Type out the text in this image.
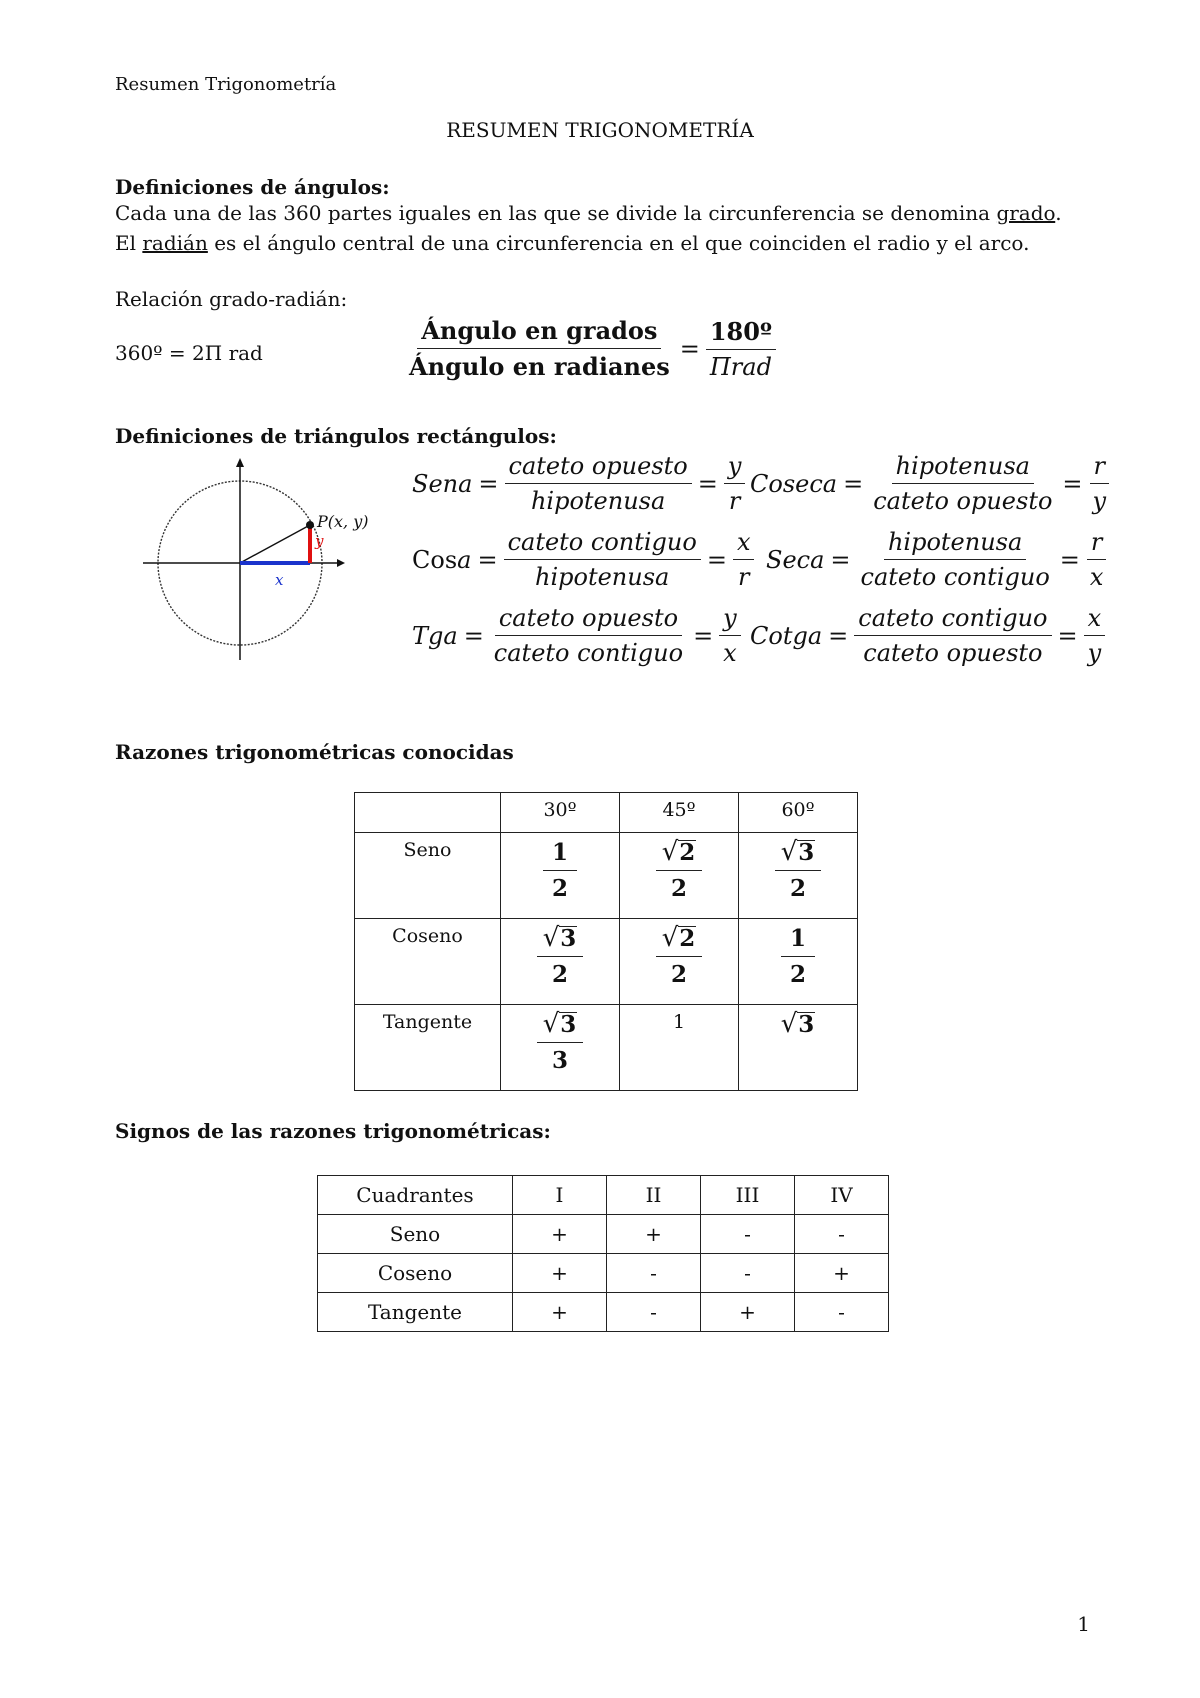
Resumen Trigonometría
RESUMEN TRIGONOMETRÍA
Definiciones de ángulos:
Cada una de las 360 partes iguales en las que se divide la circunferencia se denomina grado.
El radián es el ángulo central de una circunferencia en el que coinciden el radio y el arco.
Relación grado-radián:
360º = 2Π rad	$\frac{\text{Ángulo en grados}}{\text{Ángulo en radianes}} = \frac{\text{180º}}{\text{Πrad}}$
Definiciones de triángulos rectángulos:
P(x, y)
y
x
Sena = $\frac{\text{cateto opuesto}}{\text{hipotenusa}} = \frac{y}{r}$ $Coseca = \frac{\text{hipotenusa}}{\text{cateto opuesto}} = \frac{r}{y}$
Cosa = $\frac{\text{cateto contiguo}}{\text{hipotenusa}} = \frac{x}{r}$ Seca = $\frac{\text{hipotenusa}}{\text{cateto contiguo}} = \frac{r}{x}$
Tga = $\frac{\text{cateto opuesto}}{\text{cateto contiguo}} = \frac{y}{x}$ Cotga = $\frac{\text{cateto contiguo}}{\text{cateto opuesto}} = \frac{x}{y}$
Razones trigonométricas conocidas
	30º	45º	60º
Seno	$\frac{1}{2}$	$\frac{√ 2}{2}$	$\frac{√ 3}{2}$

Coseno	$\frac{√ 3}{2}$	$\frac{√ 2}{2}$	$\frac{1}{2}$

Tangente	$\frac{√ 3}{3}$	1	√ 3
Signos de las razones trigonométricas:
Cuadrantes	I	II	III	IV
Seno	+	+	-	-
Coseno	+	-	-	+
Tangente	+	-	+	-
1
